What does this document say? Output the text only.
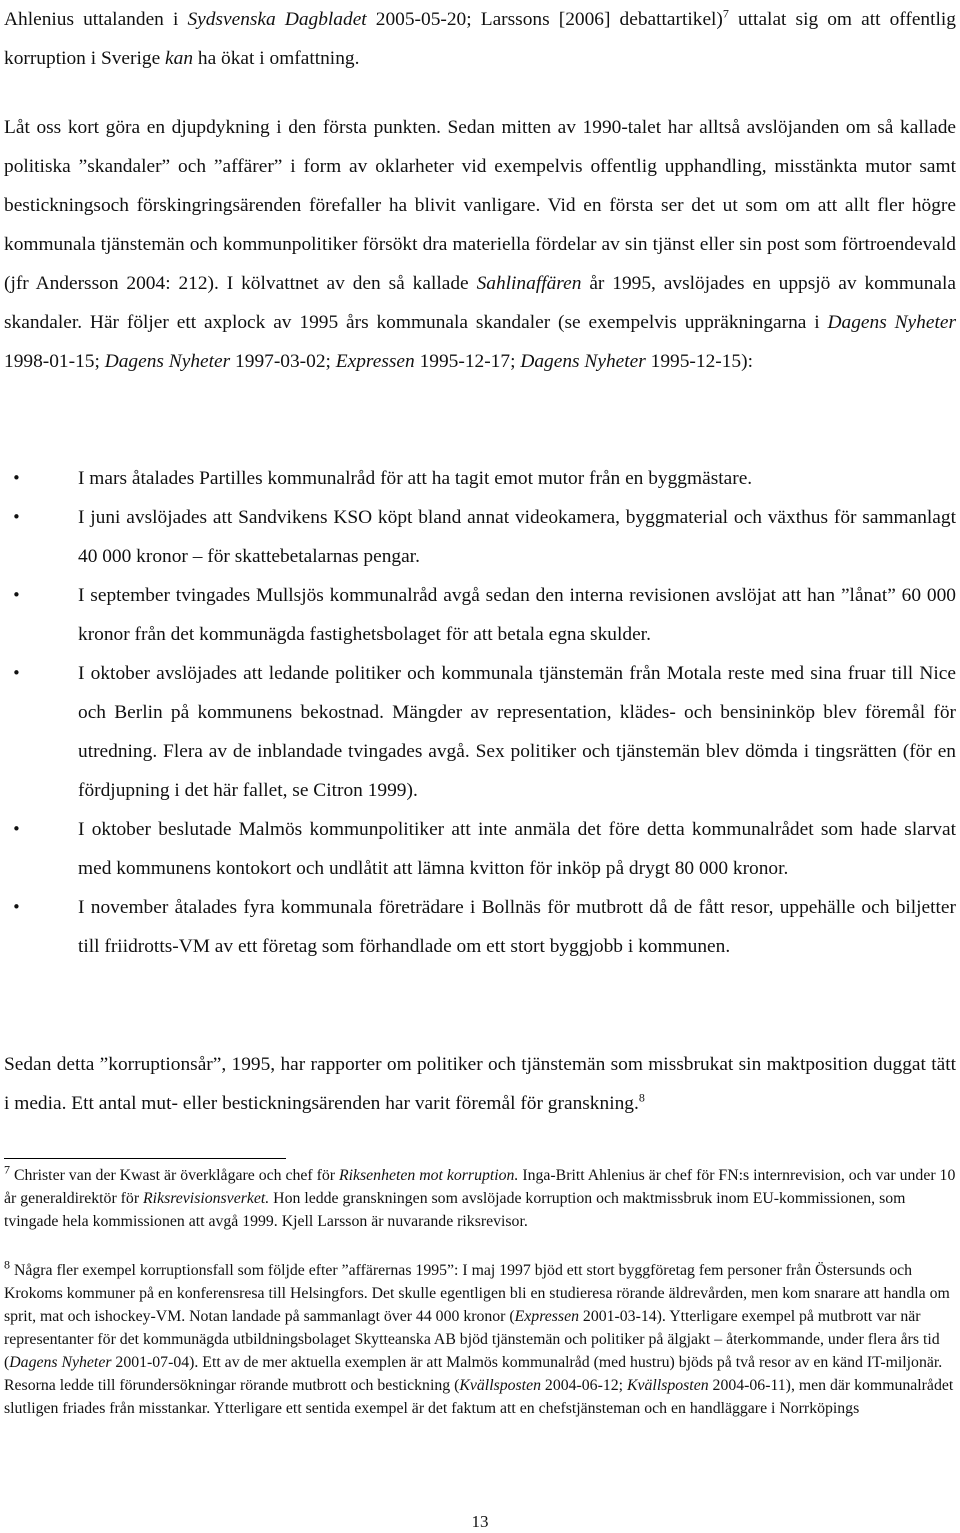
Ahlenius uttalanden i Sydsvenska Dagbladet 2005-05-20; Larssons [2006] debattartikel)$^7$ uttalat sig om att offentlig korruption i Sverige kan ha ökat i omfattning.

Låt oss kort göra en djupdykning i den första punkten. Sedan mitten av 1990-talet har alltså avslöjanden om så kallade politiska ”skandaler” och ”affärer” i form av oklarheter vid exempelvis offentlig upphandling, misstänkta mutor samt bestickningsoch förskingringsärenden förefaller ha blivit vanligare. Vid en första ser det ut som om att allt fler högre kommunala tjänstemän och kommunpolitiker försökt dra materiella fördelar av sin tjänst eller sin post som förtroendevald (jfr Andersson 2004: 212). I kölvattnet av den så kallade Sahlinaffären år 1995, avslöjades en uppsjö av kommunala skandaler. Här följer ett axplock av 1995 års kommunala skandaler (se exempelvis uppräkningarna i Dagens Nyheter 1998-01-15; Dagens Nyheter 1997-03-02; Expressen 1995-12-17; Dagens Nyheter 1995-12-15):

•	I mars åtalades Partilles kommunalråd för att ha tagit emot mutor från en byggmästare.
•	I juni avslöjades att Sandvikens KSO köpt bland annat videokamera, byggmaterial och växthus för sammanlagt 40 000 kronor – för skattebetalarnas pengar.
•	I september tvingades Mullsjös kommunalråd avgå sedan den interna revisionen avslöjat att han ”lånat” 60 000 kronor från det kommunägda fastighetsbolaget för att betala egna skulder.
•	I oktober avslöjades att ledande politiker och kommunala tjänstemän från Motala reste med sina fruar till Nice och Berlin på kommunens bekostnad. Mängder av representation, klädes- och bensininköp blev föremål för utredning. Flera av de inblandade tvingades avgå. Sex politiker och tjänstemän blev dömda i tingsrätten (för en fördjupning i det här fallet, se Citron 1999).
•	I oktober beslutade Malmös kommunpolitiker att inte anmäla det före detta kommunalrådet som hade slarvat med kommunens kontokort och undlåtit att lämna kvitton för inköp på drygt 80 000 kronor.
•	I november åtalades fyra kommunala företrädare i Bollnäs för mutbrott då de fått resor, uppehälle och biljetter till friidrotts-VM av ett företag som förhandlade om ett stort byggjobb i kommunen.

Sedan detta ”korruptionsår”, 1995, har rapporter om politiker och tjänstemän som missbrukat sin maktposition duggat tätt i media. Ett antal mut- eller bestickningsärenden har varit föremål för granskning.$^8$

$^7$ Christer van der Kwast är överklågare och chef för Riksenheten mot korruption. Inga-Britt Ahlenius är chef för FN:s internrevision, och var under 10 år generaldirektör för Riksrevisionsverket. Hon ledde granskningen som avslöjade korruption och maktmissbruk inom EU-kommissionen, som tvingade hela kommissionen att avgå 1999. Kjell Larsson är nuvarande riksrevisor.

$^8$ Några fler exempel korruptionsfall som följde efter ”affärernas 1995”: I maj 1997 bjöd ett stort byggföretag fem personer från Östersunds och Krokoms kommuner på en konferensresa till Helsingfors. Det skulle egentligen bli en studieresa rörande äldrevården, men kom snarare att handla om sprit, mat och ishockey-VM. Notan landade på sammanlagt över 44 000 kronor (Expressen 2001-03-14). Ytterligare exempel på mutbrott var när representanter för det kommunägda utbildningsbolaget Skytteanska AB bjöd tjänstemän och politiker på älgjakt – återkommande, under flera års tid (Dagens Nyheter 2001-07-04). Ett av de mer aktuella exemplen är att Malmös kommunalråd (med hustru) bjöds på två resor av en känd IT-miljonär. Resorna ledde till förundersökningar rörande mutbrott och bestickning (Kvällsposten 2004-06-12; Kvällsposten 2004-06-11), men där kommunalrådet slutligen friades från misstankar. Ytterligare ett sentida exempel är det faktum att en chefstjänsteman och en handläggare i Norrköpings

13
